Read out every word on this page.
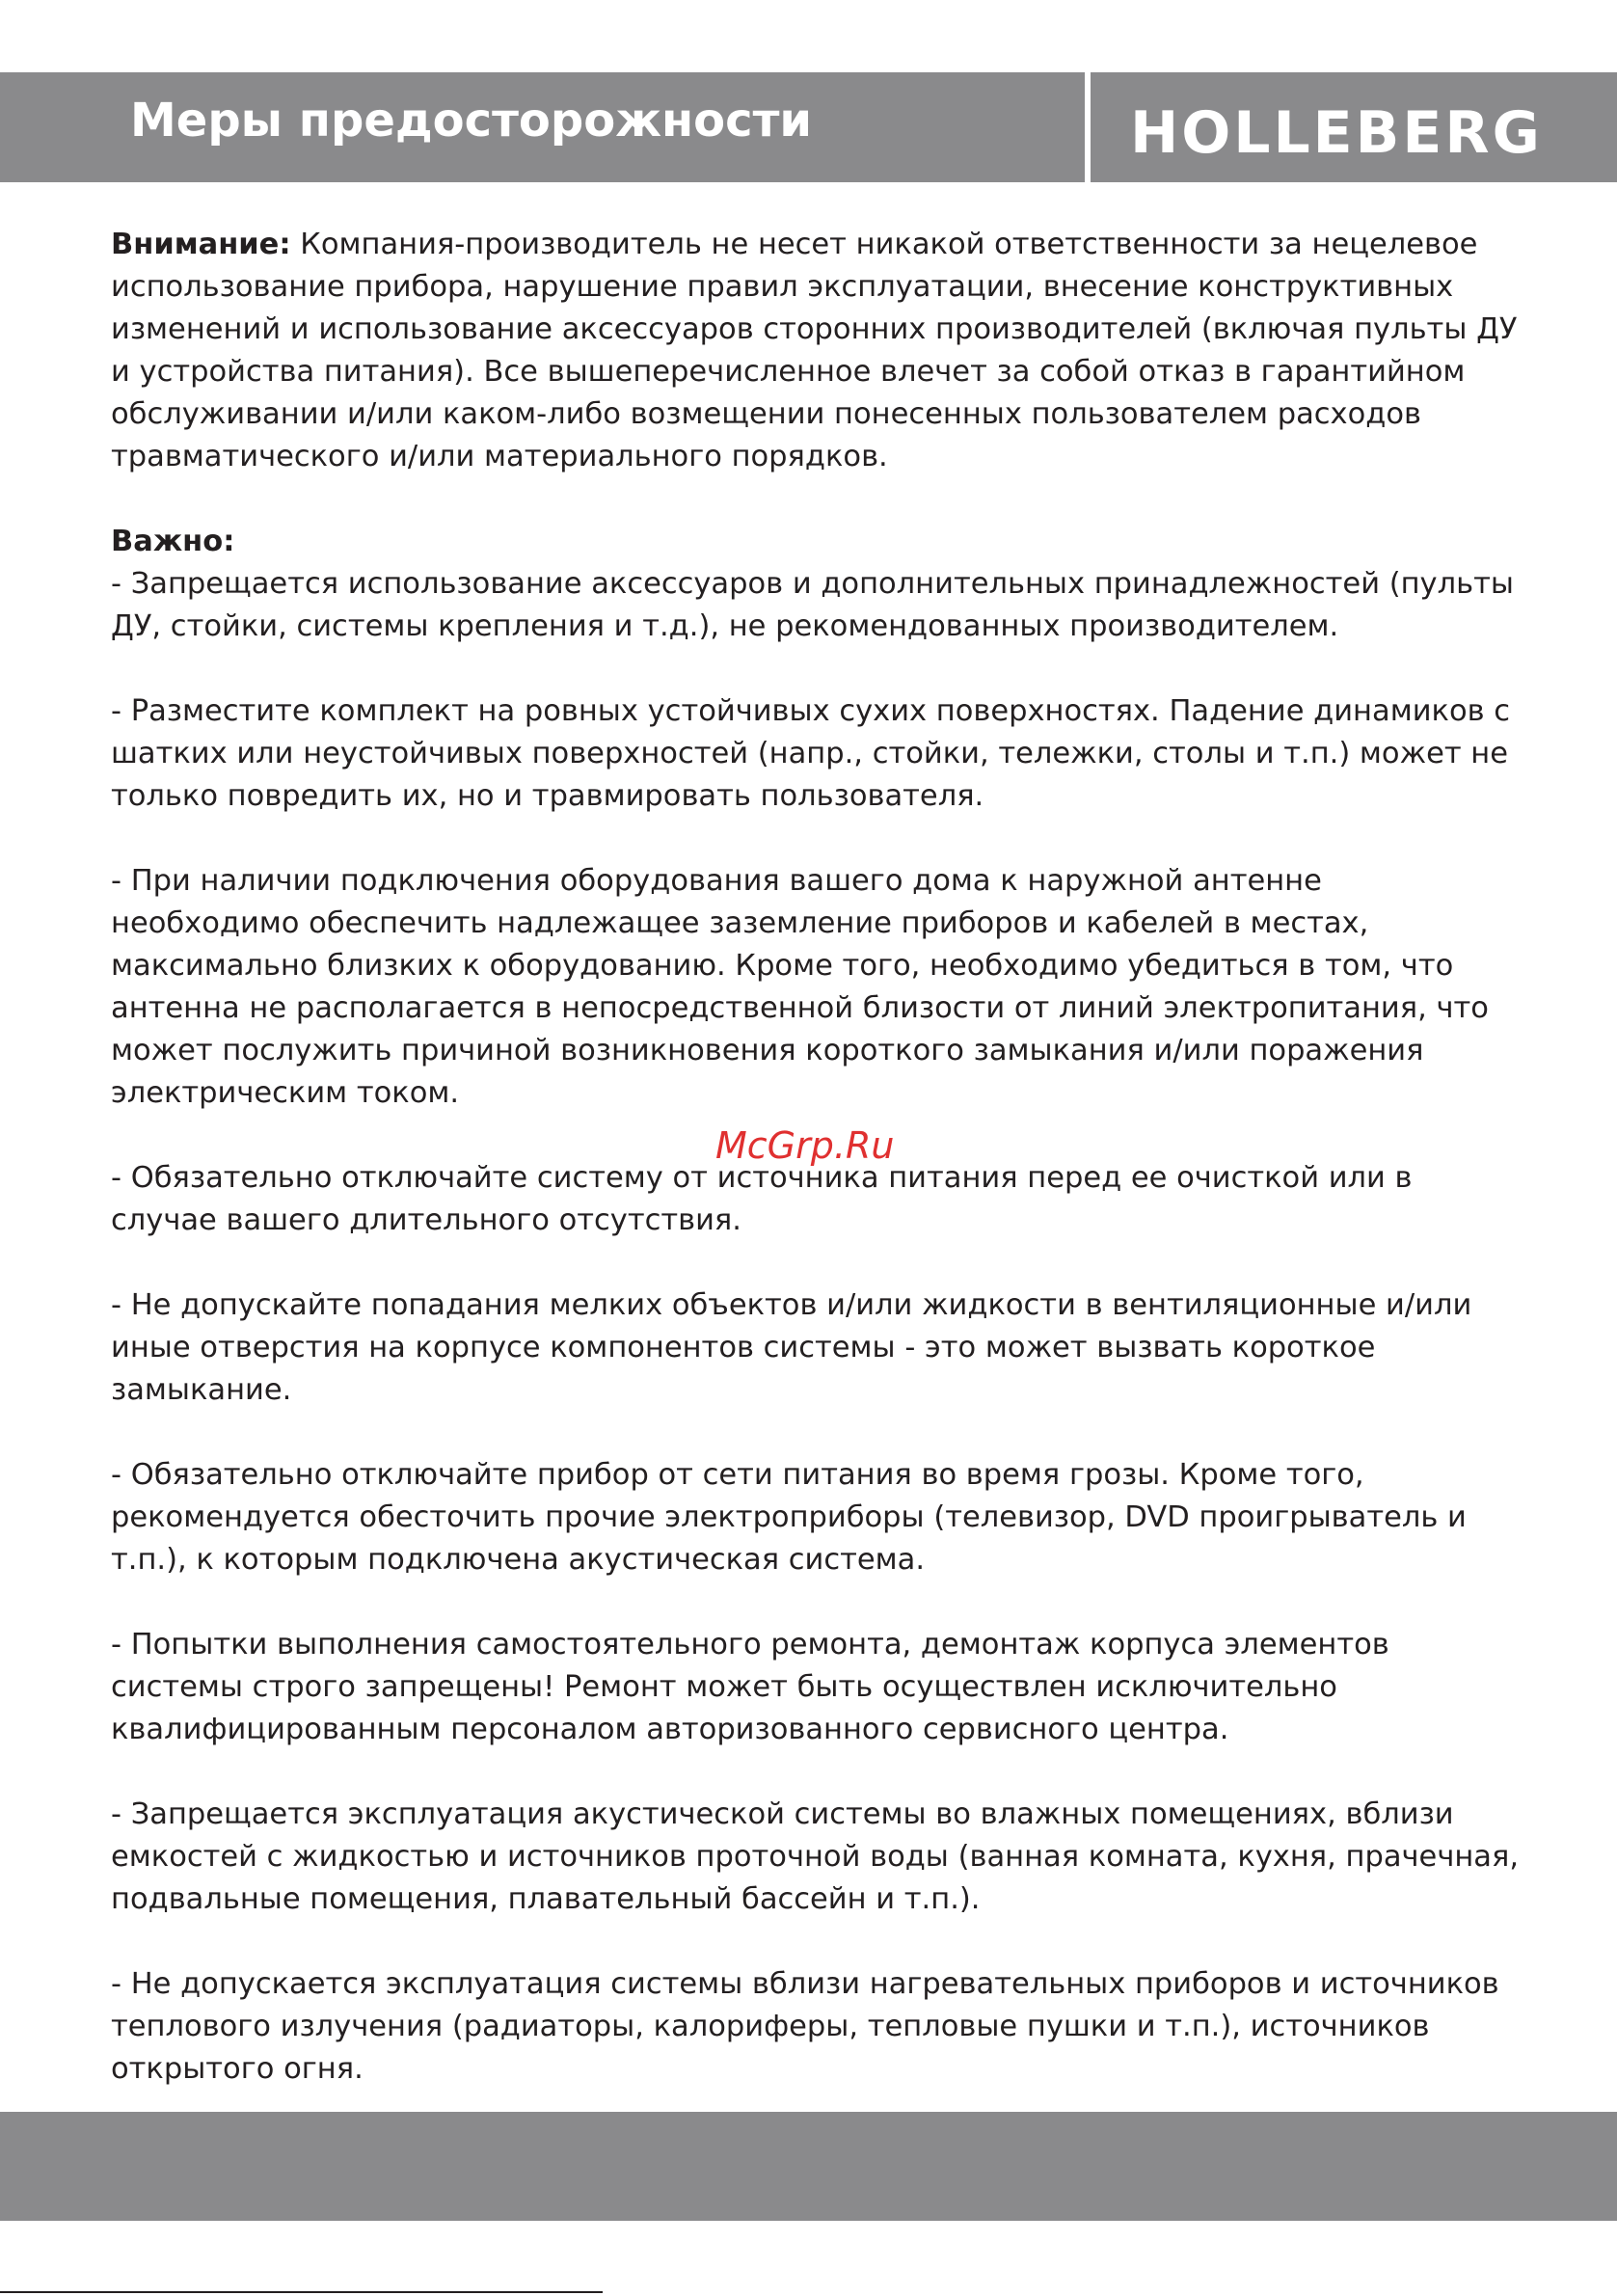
Меры предосторожности	HOLLEBERG

Внимание: Компания-производитель не несет никакой ответственности за нецелевое использование прибора, нарушение правил эксплуатации, внесение конструктивных изменений и использование аксессуаров сторонних производителей (включая пульты ДУ и устройства питания). Все вышеперечисленное влечет за собой отказ в гарантийном обслуживании и/или каком-либо возмещении понесенных пользователем расходов травматического и/или материального порядков.

Важно:

- Запрещается использование аксессуаров и дополнительных принадлежностей (пульты ДУ, стойки, системы крепления и т.д.), не рекомендованных производителем.

- Разместите комплект на ровных устойчивых сухих поверхностях. Падение динамиков с шатких или неустойчивых поверхностей (напр., стойки, тележки, столы и т.п.) может не только повредить их, но и травмировать пользователя.

- При наличии подключения оборудования вашего дома к наружной антенне необходимо обеспечить надлежащее заземление приборов и кабелей в местах, максимально близких к оборудованию. Кроме того, необходимо убедиться в том, что антенна не располагается в непосредственной близости от линий электропитания, что может послужить причиной возникновения короткого замыкания и/или поражения электрическим током.

- Обязательно отключайте систему от источника питания перед ее очисткой или в случае вашего длительного отсутствия.

- Не допускайте попадания мелких объектов и/или жидкости в вентиляционные и/или иные отверстия на корпусе компонентов системы - это может вызвать короткое замыкание.

- Обязательно отключайте прибор от сети питания во время грозы. Кроме того, рекомендуется обесточить прочие электроприборы (телевизор, DVD проигрыватель и т.п.), к которым подключена акустическая система.

- Попытки выполнения самостоятельного ремонта, демонтаж корпуса элементов системы строго запрещены! Ремонт может быть осуществлен исключительно квалифицированным персоналом авторизованного сервисного центра.

- Запрещается эксплуатация акустической системы во влажных помещениях, вблизи емкостей с жидкостью и источников проточной воды (ванная комната, кухня, прачечная, подвальные помещения, плавательный бассейн и т.п.).

- Не допускается эксплуатация системы вблизи нагревательных приборов и источников теплового излучения (радиаторы, калориферы, тепловые пушки и т.п.), источников открытого огня.

McGrp.Ru
